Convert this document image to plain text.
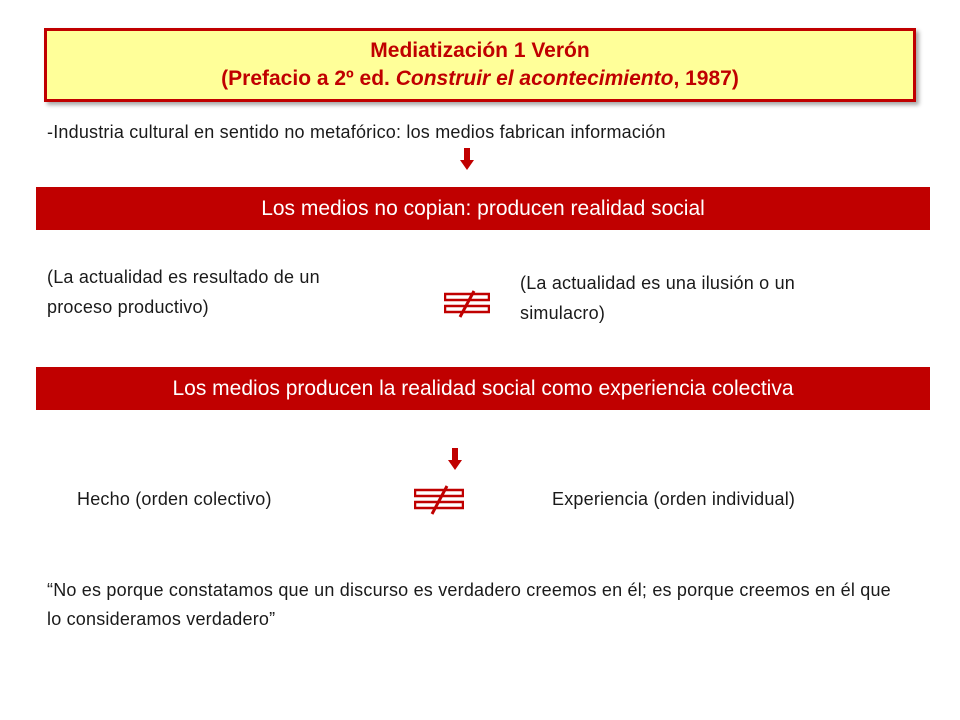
Mediatización 1 Verón
(Prefacio a 2º ed. Construir el acontecimiento, 1987)
-Industria cultural en sentido no metafórico: los medios fabrican información
Los medios no copian: producen realidad social
(La actualidad es resultado de un proceso productivo)
(La actualidad es una ilusión o un simulacro)
Los medios producen la realidad social como experiencia colectiva
Hecho (orden colectivo)	Experiencia (orden individual)
“No es porque constatamos que un discurso es verdadero creemos en él; es porque creemos en él que lo consideramos verdadero”
